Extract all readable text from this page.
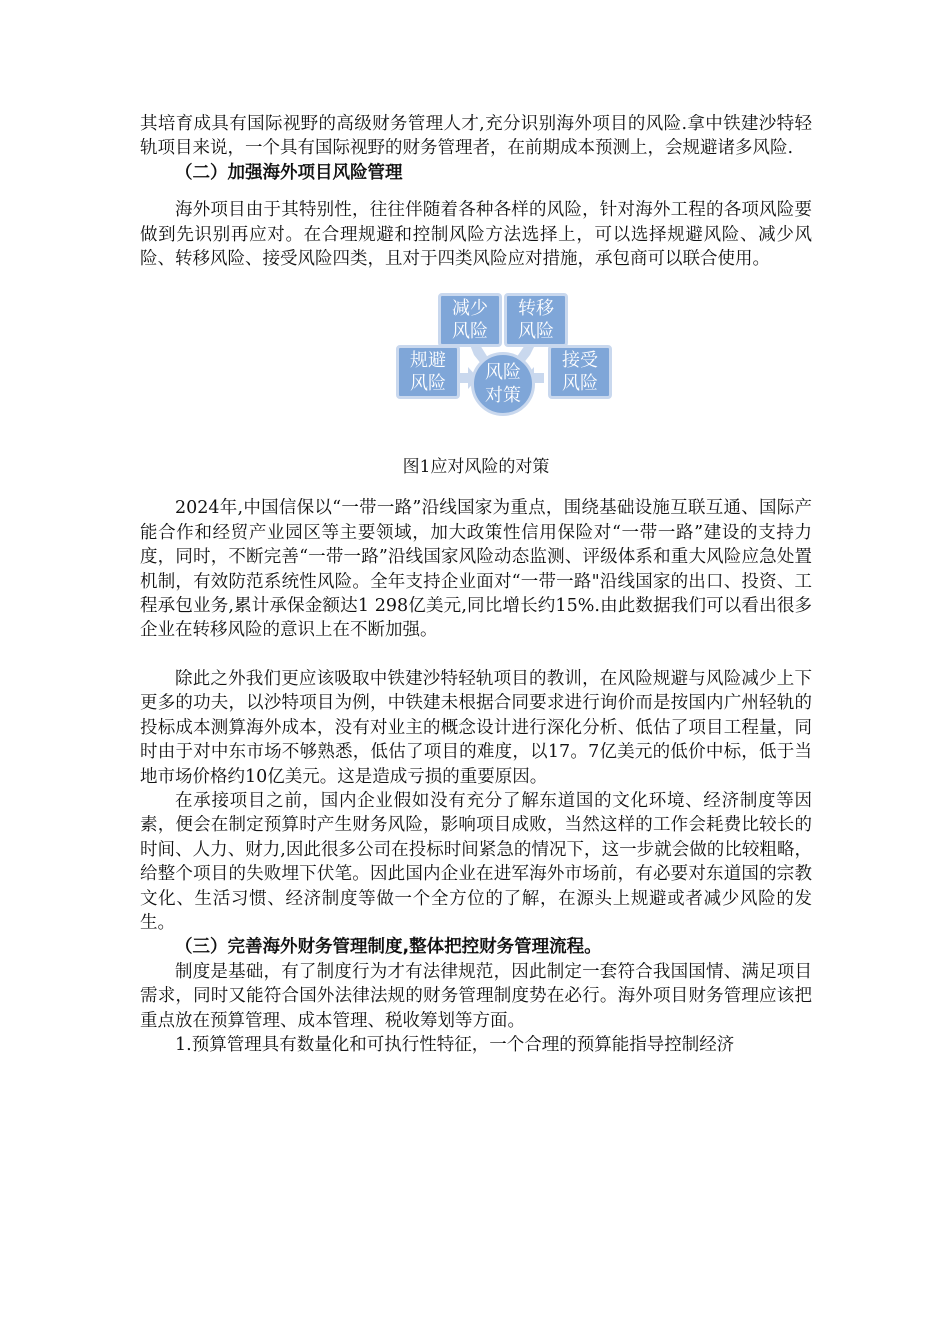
其培育成具有国际视野的高级财务管理人才,充分识别海外项目的风险.拿中铁建沙特轻轨项目来说，一个具有国际视野的财务管理者，在前期成本预测上，会规避诸多风险.

（二）加强海外项目风险管理

海外项目由于其特别性，往往伴随着各种各样的风险，针对海外工程的各项风险要做到先识别再应对。在合理规避和控制风险方法选择上，可以选择规避风险、减少风险、转移风险、接受风险四类，且对于四类风险应对措施，承包商可以联合使用。

减少
风险
转移
风险
规避
风险
接受
风险
风险
对策

图1应对风险的对策

2024年,中国信保以“一带一路”沿线国家为重点，围绕基础设施互联互通、国际产能合作和经贸产业园区等主要领域，加大政策性信用保险对“一带一路”建设的支持力度，同时，不断完善“一带一路”沿线国家风险动态监测、评级体系和重大风险应急处置机制，有效防范系统性风险。全年支持企业面对“一带一路"沿线国家的出口、投资、工程承包业务,累计承保金额达1 298亿美元,同比增长约15%.由此数据我们可以看出很多企业在转移风险的意识上在不断加强。

除此之外我们更应该吸取中铁建沙特轻轨项目的教训，在风险规避与风险减少上下更多的功夫，以沙特项目为例，中铁建未根据合同要求进行询价而是按国内广州轻轨的投标成本测算海外成本，没有对业主的概念设计进行深化分析、低估了项目工程量，同时由于对中东市场不够熟悉，低估了项目的难度，以17。7亿美元的低价中标，低于当地市场价格约10亿美元。这是造成亏损的重要原因。

在承接项目之前，国内企业假如没有充分了解东道国的文化环境、经济制度等因素，便会在制定预算时产生财务风险，影响项目成败，当然这样的工作会耗费比较长的时间、人力、财力,因此很多公司在投标时间紧急的情况下，这一步就会做的比较粗略，给整个项目的失败埋下伏笔。因此国内企业在进军海外市场前，有必要对东道国的宗教文化、生活习惯、经济制度等做一个全方位的了解，在源头上规避或者减少风险的发生。

（三）完善海外财务管理制度,整体把控财务管理流程。

制度是基础，有了制度行为才有法律规范，因此制定一套符合我国国情、满足项目需求，同时又能符合国外法律法规的财务管理制度势在必行。海外项目财务管理应该把重点放在预算管理、成本管理、税收筹划等方面。

1.预算管理具有数量化和可执行性特征，一个合理的预算能指导控制经济
